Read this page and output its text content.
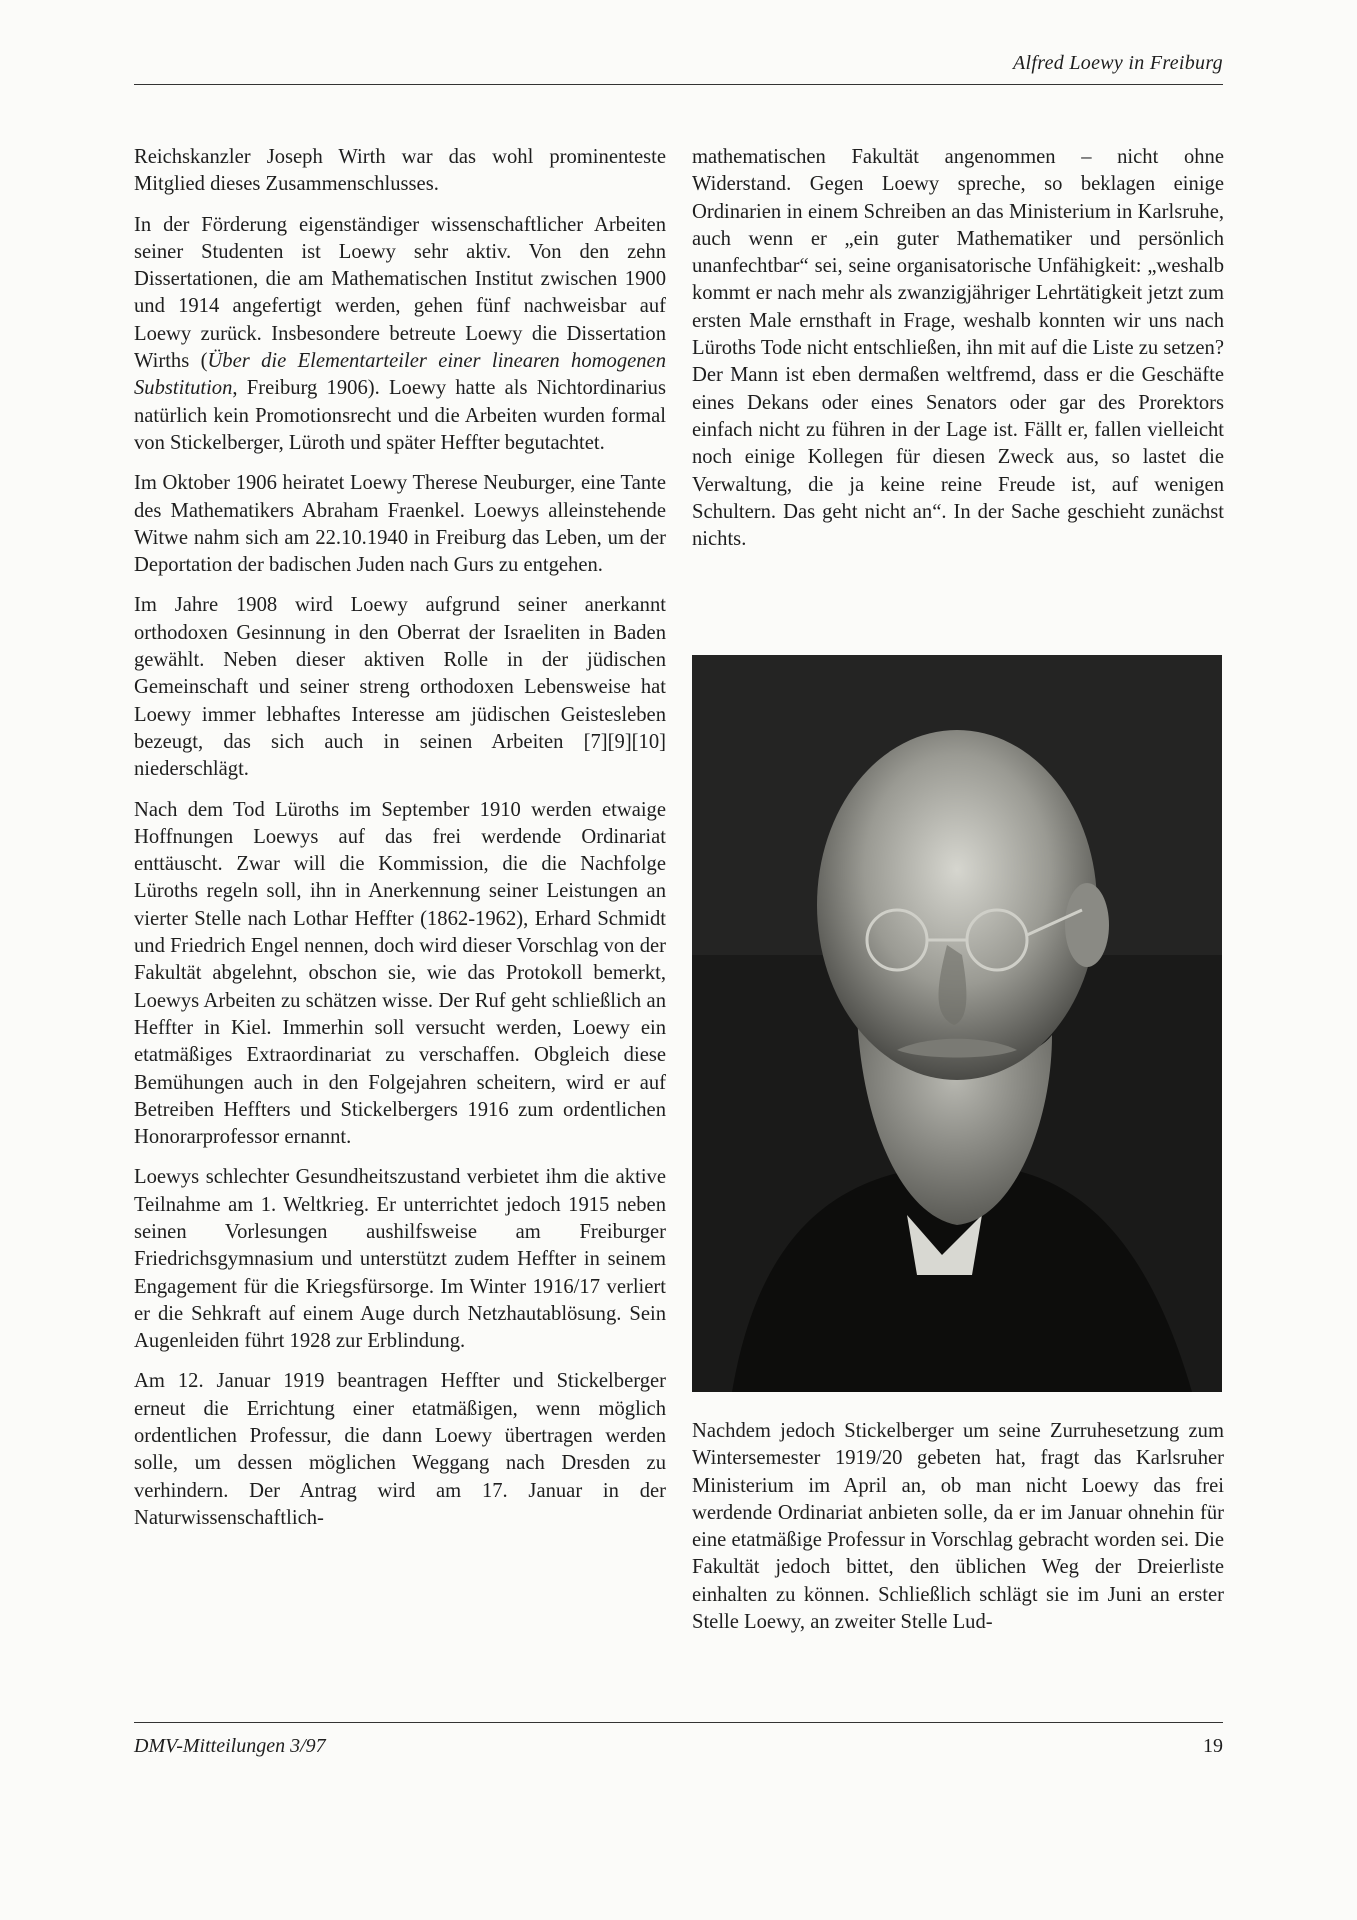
Alfred Loewy in Freiburg

Reichskanzler Joseph Wirth war das wohl prominenteste Mitglied dieses Zusammenschlusses.

In der Förderung eigenständiger wissenschaftlicher Arbeiten seiner Studenten ist Loewy sehr aktiv. Von den zehn Dissertationen, die am Mathematischen Institut zwischen 1900 und 1914 angefertigt werden, gehen fünf nachweisbar auf Loewy zurück. Insbesondere betreute Loewy die Dissertation Wirths (Über die Elementarteiler einer linearen homogenen Substitution, Freiburg 1906). Loewy hatte als Nichtordinarius natürlich kein Promotionsrecht und die Arbeiten wurden formal von Stickelberger, Lüroth und später Heffter begutachtet.

Im Oktober 1906 heiratet Loewy Therese Neuburger, eine Tante des Mathematikers Abraham Fraenkel. Loewys alleinstehende Witwe nahm sich am 22.10.1940 in Freiburg das Leben, um der Deportation der badischen Juden nach Gurs zu entgehen.

Im Jahre 1908 wird Loewy aufgrund seiner anerkannt orthodoxen Gesinnung in den Oberrat der Israeliten in Baden gewählt. Neben dieser aktiven Rolle in der jüdischen Gemeinschaft und seiner streng orthodoxen Lebensweise hat Loewy immer lebhaftes Interesse am jüdischen Geistesleben bezeugt, das sich auch in seinen Arbeiten [7][9][10] niederschlägt.

Nach dem Tod Lüroths im September 1910 werden etwaige Hoffnungen Loewys auf das frei werdende Ordinariat enttäuscht. Zwar will die Kommission, die die Nachfolge Lüroths regeln soll, ihn in Anerkennung seiner Leistungen an vierter Stelle nach Lothar Heffter (1862-1962), Erhard Schmidt und Friedrich Engel nennen, doch wird dieser Vorschlag von der Fakultät abgelehnt, obschon sie, wie das Protokoll bemerkt, Loewys Arbeiten zu schätzen wisse. Der Ruf geht schließlich an Heffter in Kiel. Immerhin soll versucht werden, Loewy ein etatmäßiges Extraordinariat zu verschaffen. Obgleich diese Bemühungen auch in den Folgejahren scheitern, wird er auf Betreiben Heffters und Stickelbergers 1916 zum ordentlichen Honorarprofessor ernannt.

Loewys schlechter Gesundheitszustand verbietet ihm die aktive Teilnahme am 1. Weltkrieg. Er unterrichtet jedoch 1915 neben seinen Vorlesungen aushilfsweise am Freiburger Friedrichsgymnasium und unterstützt zudem Heffter in seinem Engagement für die Kriegsfürsorge. Im Winter 1916/17 verliert er die Sehkraft auf einem Auge durch Netzhautablösung. Sein Augenleiden führt 1928 zur Erblindung.

Am 12. Januar 1919 beantragen Heffter und Stickelberger erneut die Errichtung einer etatmäßigen, wenn möglich ordentlichen Professur, die dann Loewy übertragen werden solle, um dessen möglichen Weggang nach Dresden zu verhindern. Der Antrag wird am 17. Januar in der Naturwissenschaftlich-

mathematischen Fakultät angenommen – nicht ohne Widerstand. Gegen Loewy spreche, so beklagen einige Ordinarien in einem Schreiben an das Ministerium in Karlsruhe, auch wenn er „ein guter Mathematiker und persönlich unanfechtbar“ sei, seine organisatorische Unfähigkeit: „weshalb kommt er nach mehr als zwanzigjähriger Lehrtätigkeit jetzt zum ersten Male ernsthaft in Frage, weshalb konnten wir uns nach Lüroths Tode nicht entschließen, ihn mit auf die Liste zu setzen? Der Mann ist eben dermaßen weltfremd, dass er die Geschäfte eines Dekans oder eines Senators oder gar des Prorektors einfach nicht zu führen in der Lage ist. Fällt er, fallen vielleicht noch einige Kollegen für diesen Zweck aus, so lastet die Verwaltung, die ja keine reine Freude ist, auf wenigen Schultern. Das geht nicht an“. In der Sache geschieht zunächst nichts.

Nachdem jedoch Stickelberger um seine Zurruhesetzung zum Wintersemester 1919/20 gebeten hat, fragt das Karlsruher Ministerium im April an, ob man nicht Loewy das frei werdende Ordinariat anbieten solle, da er im Januar ohnehin für eine etatmäßige Professur in Vorschlag gebracht worden sei. Die Fakultät jedoch bittet, den üblichen Weg der Dreierliste einhalten zu können. Schließlich schlägt sie im Juni an erster Stelle Loewy, an zweiter Stelle Lud-

DMV-Mitteilungen 3/97	19
